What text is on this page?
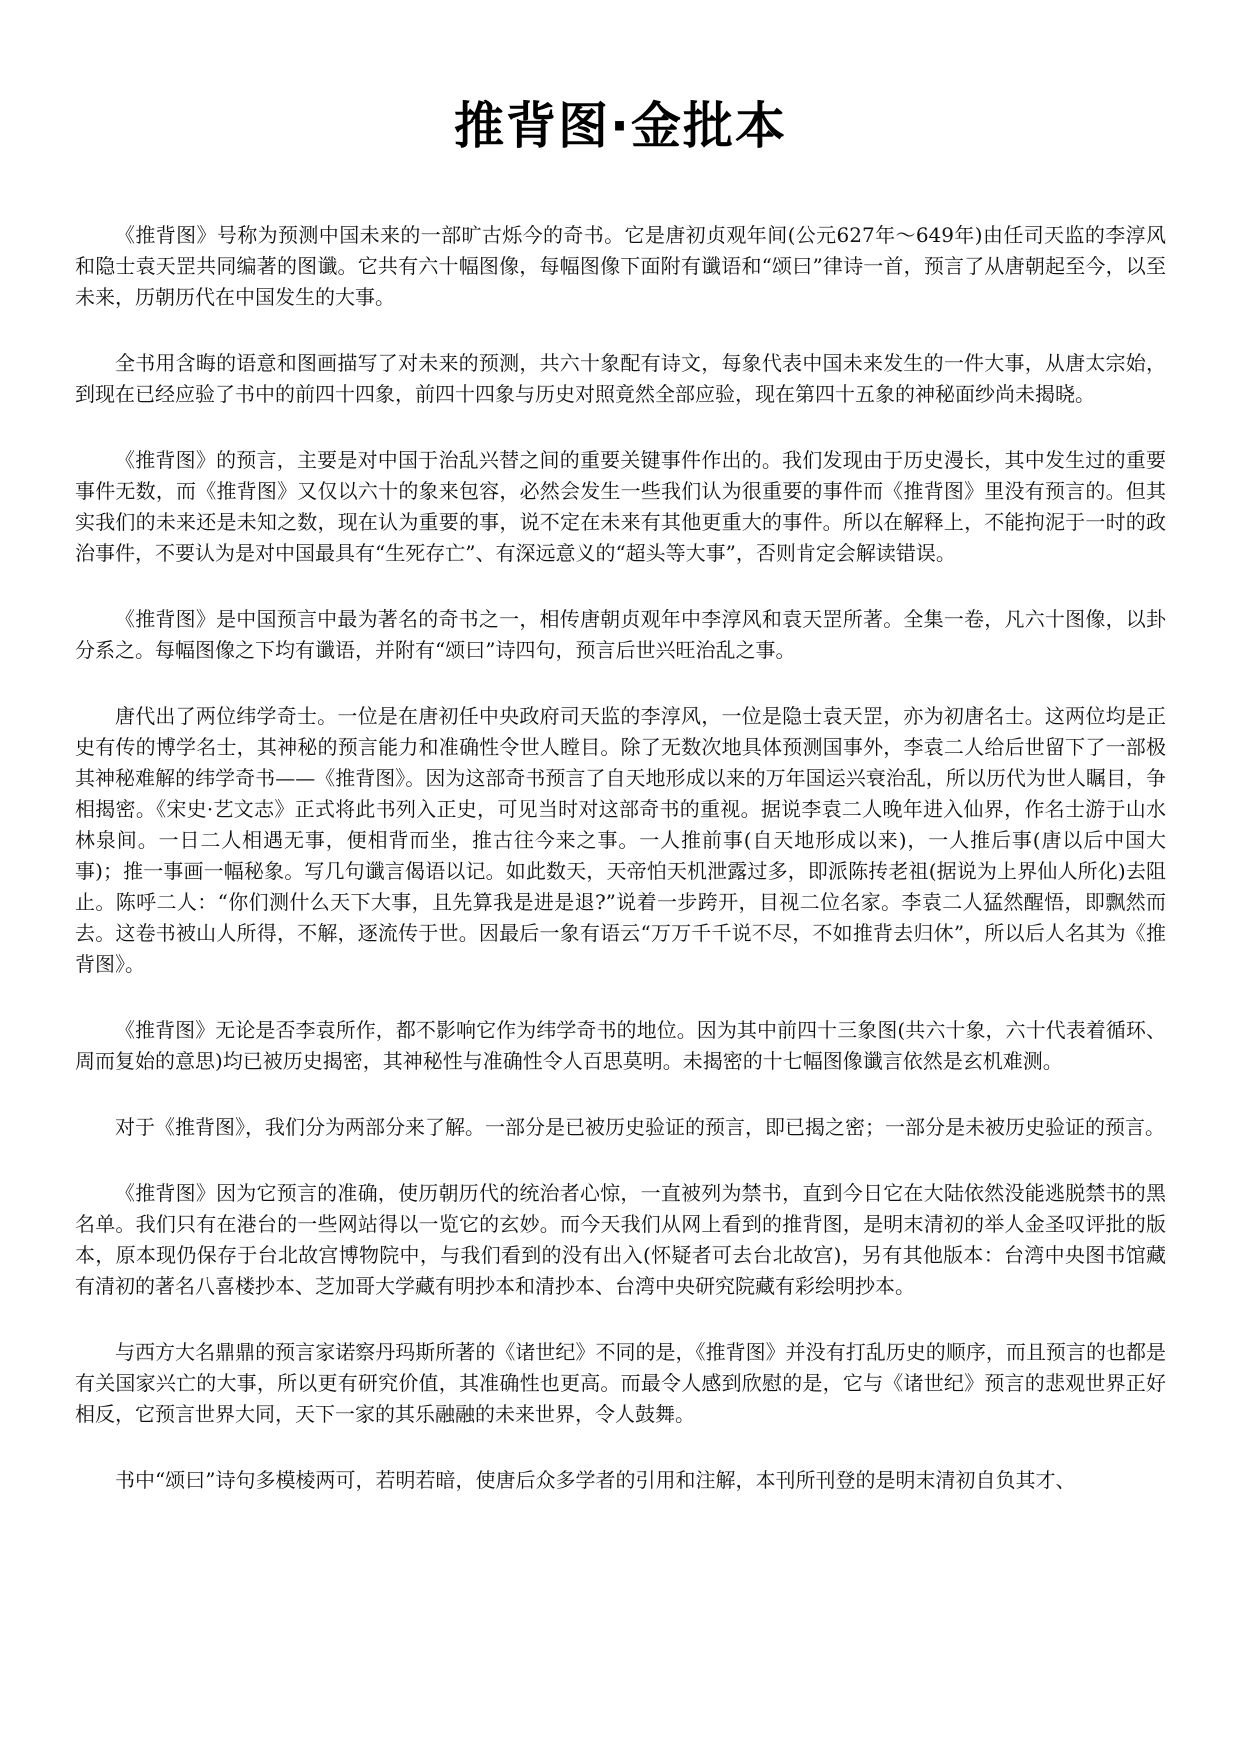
推背图·金批本

《推背图》号称为预测中国未来的一部旷古烁今的奇书。它是唐初贞观年间(公元627年～649年)由任司天监的李淳风和隐士袁天罡共同编著的图谶。它共有六十幅图像，每幅图像下面附有谶语和“颂曰”律诗一首，预言了从唐朝起至今，以至未来，历朝历代在中国发生的大事。

全书用含晦的语意和图画描写了对未来的预测，共六十象配有诗文，每象代表中国未来发生的一件大事，从唐太宗始，到现在已经应验了书中的前四十四象，前四十四象与历史对照竟然全部应验，现在第四十五象的神秘面纱尚未揭晓。

《推背图》的预言，主要是对中国于治乱兴替之间的重要关键事件作出的。我们发现由于历史漫长，其中发生过的重要事件无数，而《推背图》又仅以六十的象来包容，必然会发生一些我们认为很重要的事件而《推背图》里没有预言的。但其实我们的未来还是未知之数，现在认为重要的事，说不定在未来有其他更重大的事件。所以在解释上，不能拘泥于一时的政治事件，不要认为是对中国最具有“生死存亡”、有深远意义的“超头等大事”，否则肯定会解读错误。

《推背图》是中国预言中最为著名的奇书之一，相传唐朝贞观年中李淳风和袁天罡所著。全集一卷，凡六十图像，以卦分系之。每幅图像之下均有谶语，并附有“颂曰”诗四句，预言后世兴旺治乱之事。

唐代出了两位纬学奇士。一位是在唐初任中央政府司天监的李淳风，一位是隐士袁天罡，亦为初唐名士。这两位均是正史有传的博学名士，其神秘的预言能力和准确性令世人瞠目。除了无数次地具体预测国事外，李袁二人给后世留下了一部极其神秘难解的纬学奇书——《推背图》。因为这部奇书预言了自天地形成以来的万年国运兴衰治乱，所以历代为世人瞩目，争相揭密。《宋史·艺文志》正式将此书列入正史，可见当时对这部奇书的重视。据说李袁二人晚年进入仙界，作名士游于山水林泉间。一日二人相遇无事，便相背而坐，推古往今来之事。一人推前事(自天地形成以来)，一人推后事(唐以后中国大事)；推一事画一幅秘象。写几句谶言偈语以记。如此数天，天帝怕天机泄露过多，即派陈抟老祖(据说为上界仙人所化)去阻止。陈呼二人：“你们测什么天下大事，且先算我是进是退?”说着一步跨开，目视二位名家。李袁二人猛然醒悟，即飘然而去。这卷书被山人所得，不解，逐流传于世。因最后一象有语云“万万千千说不尽，不如推背去归休”，所以后人名其为《推背图》。

《推背图》无论是否李袁所作，都不影响它作为纬学奇书的地位。因为其中前四十三象图(共六十象，六十代表着循环、周而复始的意思)均已被历史揭密，其神秘性与准确性令人百思莫明。未揭密的十七幅图像谶言依然是玄机难测。

对于《推背图》，我们分为两部分来了解。一部分是已被历史验证的预言，即已揭之密；一部分是未被历史验证的预言。

《推背图》因为它预言的准确，使历朝历代的统治者心惊，一直被列为禁书，直到今日它在大陆依然没能逃脱禁书的黑名单。我们只有在港台的一些网站得以一览它的玄妙。而今天我们从网上看到的推背图，是明末清初的举人金圣叹评批的版本，原本现仍保存于台北故宫博物院中，与我们看到的没有出入(怀疑者可去台北故宫)，另有其他版本：台湾中央图书馆藏有清初的著名八喜楼抄本、芝加哥大学藏有明抄本和清抄本、台湾中央研究院藏有彩绘明抄本。

与西方大名鼎鼎的预言家诺察丹玛斯所著的《诸世纪》不同的是，《推背图》并没有打乱历史的顺序，而且预言的也都是有关国家兴亡的大事，所以更有研究价值，其准确性也更高。而最令人感到欣慰的是，它与《诸世纪》预言的悲观世界正好相反，它预言世界大同，天下一家的其乐融融的未来世界，令人鼓舞。

书中“颂曰”诗句多模棱两可，若明若暗，使唐后众多学者的引用和注解，本刊所刊登的是明末清初自负其才、
